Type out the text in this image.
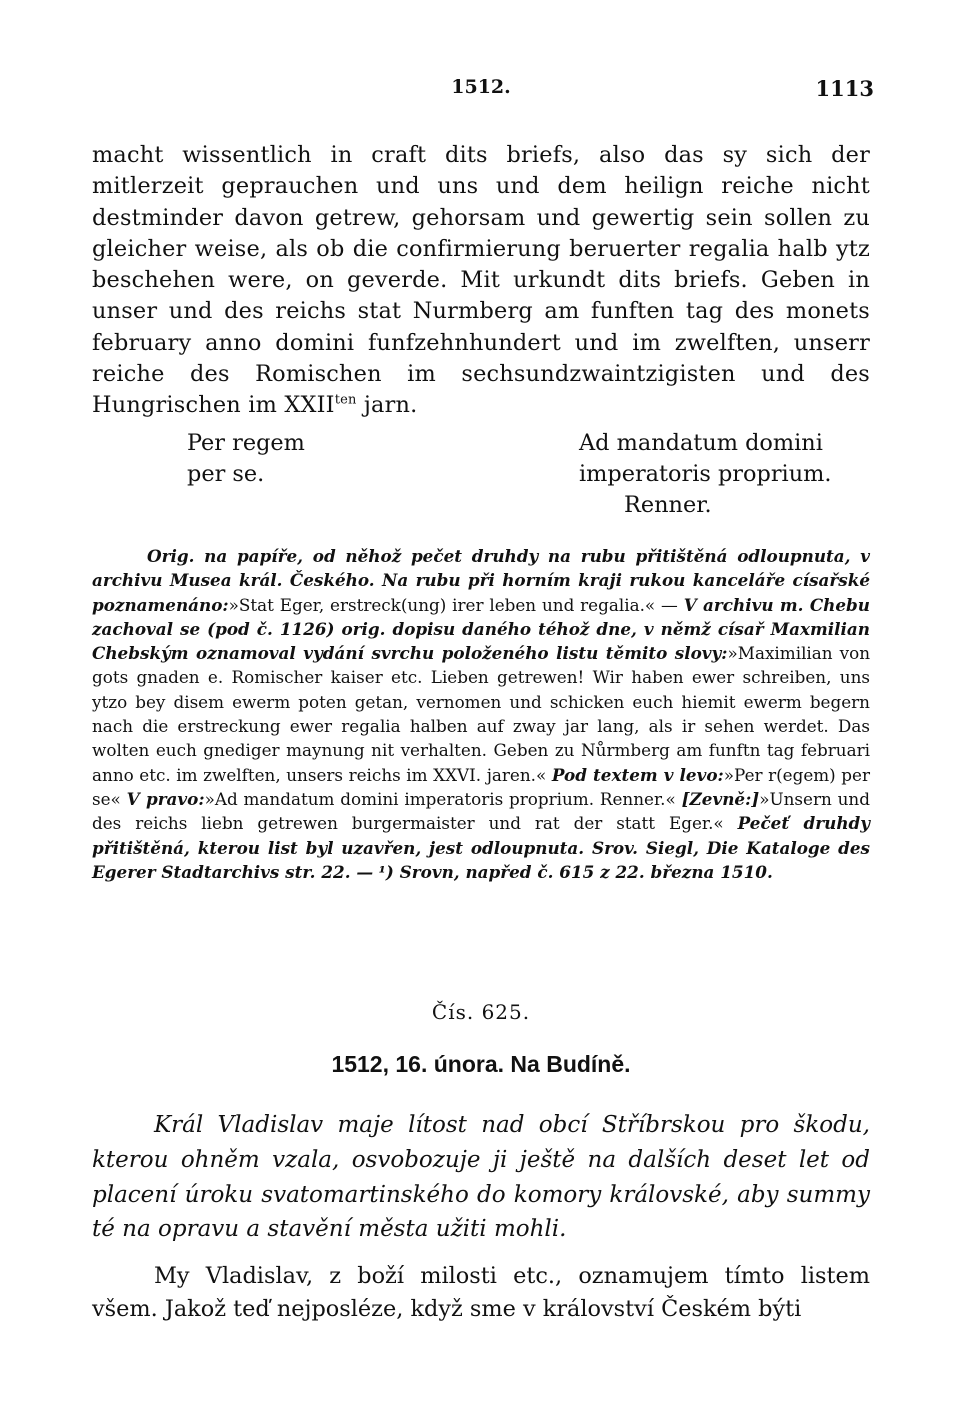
1512.	1113
macht wissentlich in craft dits briefs, also das sy sich der mitlerzeit geprauchen und uns und dem heilign reiche nicht destminder davon getrew, gehorsam und gewertig sein sollen zu gleicher weise, als ob die confirmierung beruerter regalia halb ytz beschehen were, on geverde. Mit urkundt dits briefs. Geben in unser und des reichs stat Nurmberg am funften tag des monets february anno domini funfzehnhundert und im zwelften, unserr reiche des Romischen im sechsundzwaintzigisten und des Hungrischen im $XXII^{ten}$ jarn.
Per regem
per se.
Ad mandatum domini
imperatoris proprium.
Renner.

Orig. na papíře, od něhož pečet druhdy na rubu přitištěná odloupnuta, v archivu Musea král. Českého. Na rubu při horním kraji rukou kanceláře císařské poznamenáno:»Stat Eger, erstreck(ung) irer leben und regalia.« — V archivu m. Chebu zachoval se (pod č. 1126) orig. dopisu daného téhož dne, v němž císař Maxmilian Chebským oznamoval vydání svrchu položeného listu těmito slovy:»Maximilian von gots gnaden e. Romischer kaiser etc. Lieben getrewen! Wir haben ewer schreiben, uns ytzo bey disem ewerm poten getan, vernomen und schicken euch hiemit ewerm begern nach die erstreckung ewer regalia halben auf zway jar lang, als ir sehen werdet. Das wolten euch gnediger maynung nit verhalten. Geben zu Nůrmberg am funftn tag februari anno etc. im zwelften, unsers reichs im XXVI. jaren.« Pod textem v levo:»Per r(egem) per se« V pravo:»Ad mandatum domini imperatoris proprium. Renner.« [Zevně:]»Unsern und des reichs liebn getrewen burgermaister und rat der statt Eger.« Pečeť druhdy přitištěná, kterou list byl uzavřen, jest odloupnuta. Srov. Siegl, Die Kataloge des Egerer Stadtarchivs str. 22. — ¹) Srovn, napřed č. 615 z 22. března 1510.

Čís. 625.
1512, 16. února. Na Budíně.

Král Vladislav maje lítost nad obcí Stříbrskou pro škodu, kterou ohněm vzala, osvobozuje ji ještě na dalších deset let od placení úroku svatomartinského do komory královské, aby summy té na opravu a stavění města užiti mohli.

My Vladislav, z boží milosti etc., oznamujem tímto listem všem. Jakož teď nejposléze, když sme v království Českém býti
